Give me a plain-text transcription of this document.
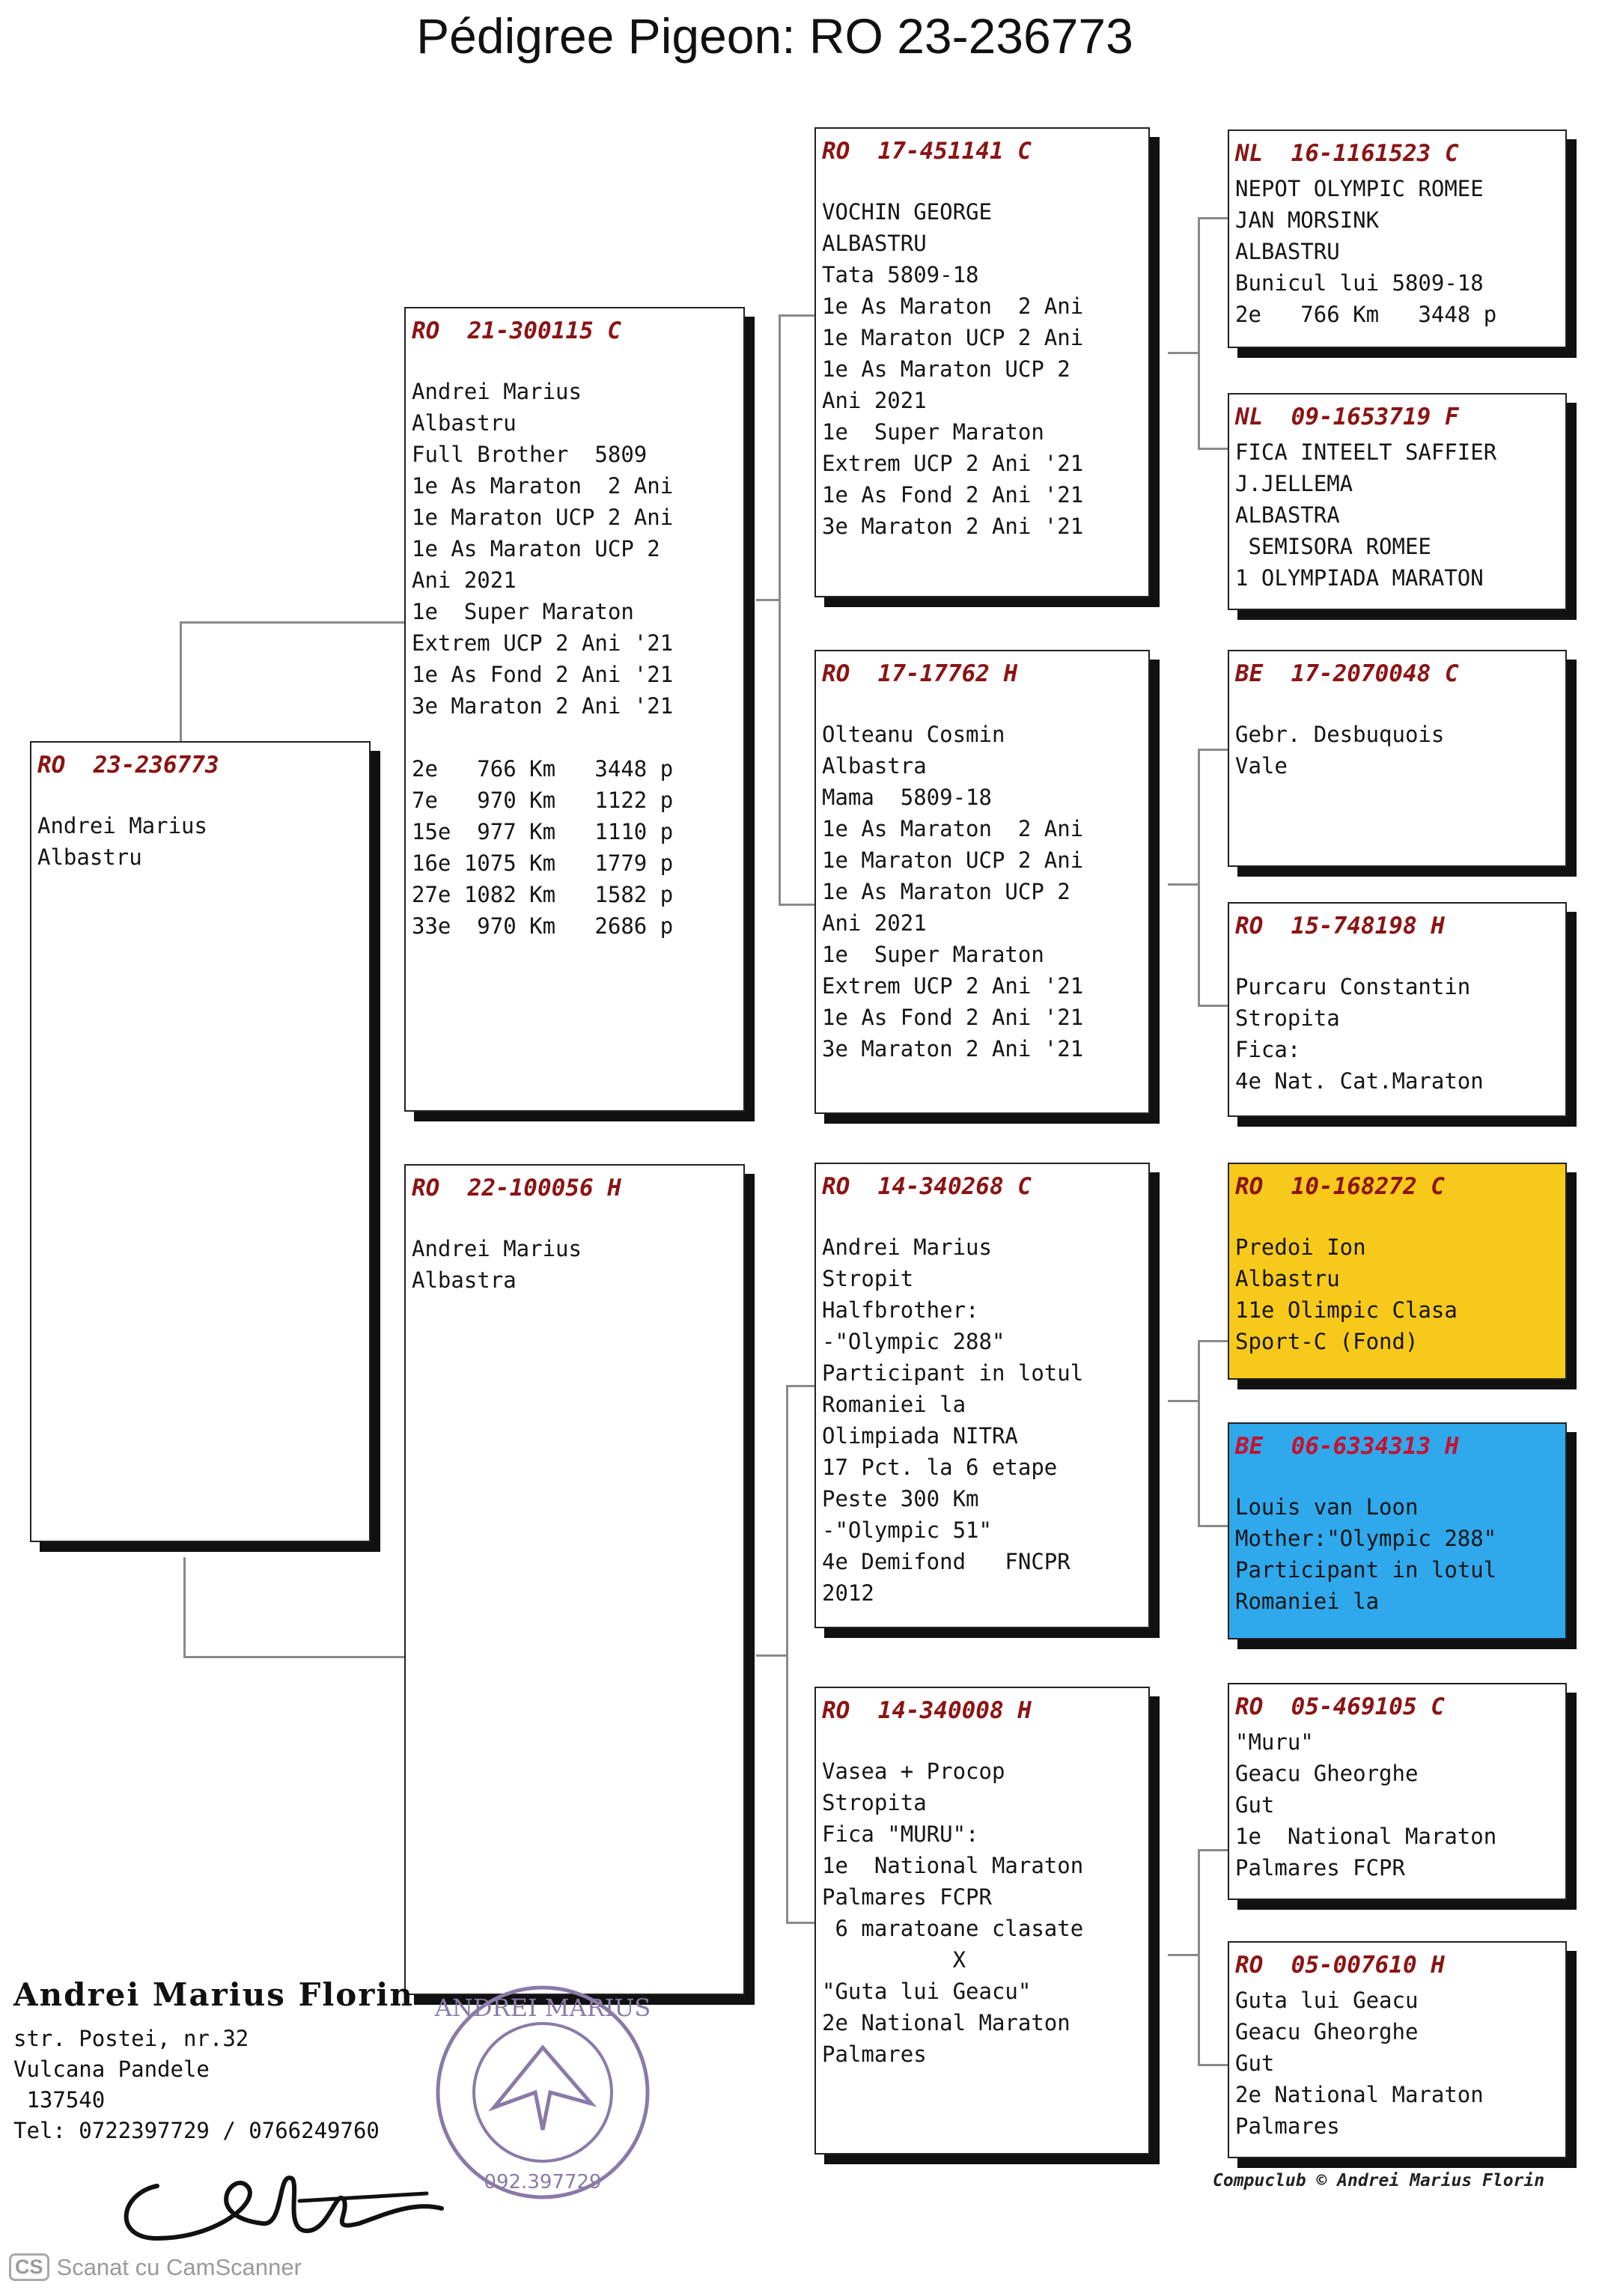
Pédigree Pigeon: RO 23-236773
RO  23-236773
Andrei Marius
Albastru
RO  21-300115 C
Andrei Marius
Albastru
Full Brother  5809
1e As Maraton  2 Ani
1e Maraton UCP 2 Ani
1e As Maraton UCP 2
Ani 2021
1e  Super Maraton
Extrem UCP 2 Ani '21
1e As Fond 2 Ani '21
3e Maraton 2 Ani '21
2e   766 Km   3448 p
7e   970 Km   1122 p
15e  977 Km   1110 p
16e 1075 Km   1779 p
27e 1082 Km   1582 p
33e  970 Km   2686 p
RO  22-100056 H
Andrei Marius
Albastra
RO  17-451141 C
VOCHIN GEORGE
ALBASTRU
Tata 5809-18
1e As Maraton  2 Ani
1e Maraton UCP 2 Ani
1e As Maraton UCP 2
Ani 2021
1e  Super Maraton
Extrem UCP 2 Ani '21
1e As Fond 2 Ani '21
3e Maraton 2 Ani '21
RO  17-17762 H
Olteanu Cosmin
Albastra
Mama  5809-18
1e As Maraton  2 Ani
1e Maraton UCP 2 Ani
1e As Maraton UCP 2
Ani 2021
1e  Super Maraton
Extrem UCP 2 Ani '21
1e As Fond 2 Ani '21
3e Maraton 2 Ani '21
RO  14-340268 C
Andrei Marius
Stropit
Halfbrother:
-"Olympic 288"
Participant in lotul
Romaniei la
Olimpiada NITRA
17 Pct. la 6 etape
Peste 300 Km
-"Olympic 51"
4e Demifond   FNCPR
2012
RO  14-340008 H
Vasea + Procop
Stropita
Fica "MURU":
1e  National Maraton
Palmares FCPR
6 maratoane clasate
X
"Guta lui Geacu"
2e National Maraton
Palmares
NL  16-1161523 C
NEPOT OLYMPIC ROMEE
JAN MORSINK
ALBASTRU
Bunicul lui 5809-18
2e   766 Km   3448 p
NL  09-1653719 F
FICA INTEELT SAFFIER
J.JELLEMA
ALBASTRA
SEMISORA ROMEE
1 OLYMPIADA MARATON
BE  17-2070048 C
Gebr. Desbuquois
Vale
RO  15-748198 H
Purcaru Constantin
Stropita
Fica:
4e Nat. Cat.Maraton
RO  10-168272 C
Predoi Ion
Albastru
11e Olimpic Clasa
Sport-C (Fond)
BE  06-6334313 H
Louis van Loon
Mother:"Olympic 288"
Participant in lotul
Romaniei la
RO  05-469105 C
"Muru"
Geacu Gheorghe
Gut
1e  National Maraton
Palmares FCPR
RO  05-007610 H
Guta lui Geacu
Geacu Gheorghe
Gut
2e National Maraton
Palmares
Andrei Marius Florin
str. Postei, nr.32
Vulcana Pandele
137540
Tel: 0722397729 / 0766249760
ANDREI MARIUS
092.397729	Compuclub © Andrei Marius Florin
CS Scanat cu CamScanner
